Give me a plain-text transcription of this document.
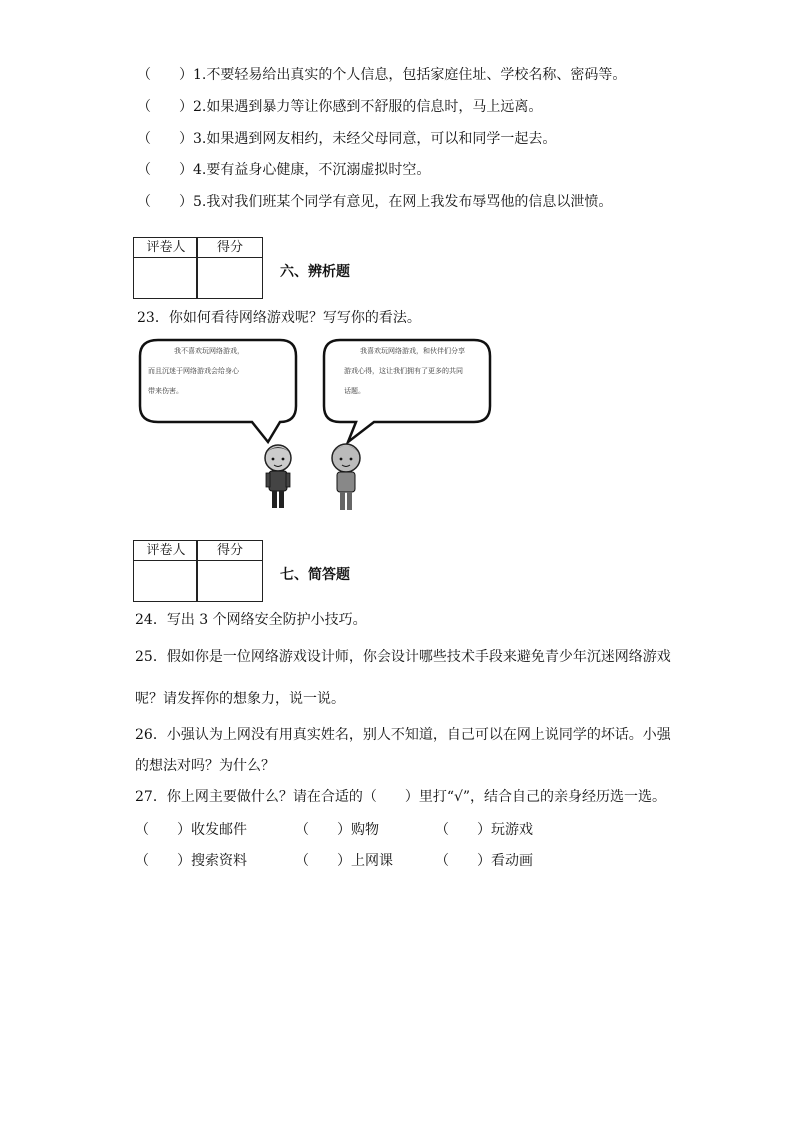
（　　）1.不要轻易给出真实的个人信息，包括家庭住址、学校名称、密码等。
（　　）2.如果遇到暴力等让你感到不舒服的信息时，马上远离。
（　　）3.如果遇到网友相约，未经父母同意，可以和同学一起去。
（　　）4.要有益身心健康，不沉溺虚拟时空。
（　　）5.我对我们班某个同学有意见，在网上我发布辱骂他的信息以泄愤。
评卷人	得分
六、辨析题
23．你如何看待网络游戏呢？写写你的看法。
我不喜欢玩网络游戏，
而且沉迷于网络游戏会给身心
带来伤害。
我喜欢玩网络游戏，和伙伴们分享
游戏心得，这让我们拥有了更多的共同
话题。
评卷人	得分
七、简答题
24．写出 3 个网络安全防护小技巧。
25．假如你是一位网络游戏设计师，你会设计哪些技术手段来避免青少年沉迷网络游戏
呢？请发挥你的想象力，说一说。
26．小强认为上网没有用真实姓名，别人不知道，自己可以在网上说同学的坏话。小强
的想法对吗？为什么？
27．你上网主要做什么？请在合适的（　　）里打“√”，结合自己的亲身经历选一选。
（　　）收发邮件	（　　）购物	（　　）玩游戏
（　　）搜索资料	（　　）上网课	（　　）看动画
